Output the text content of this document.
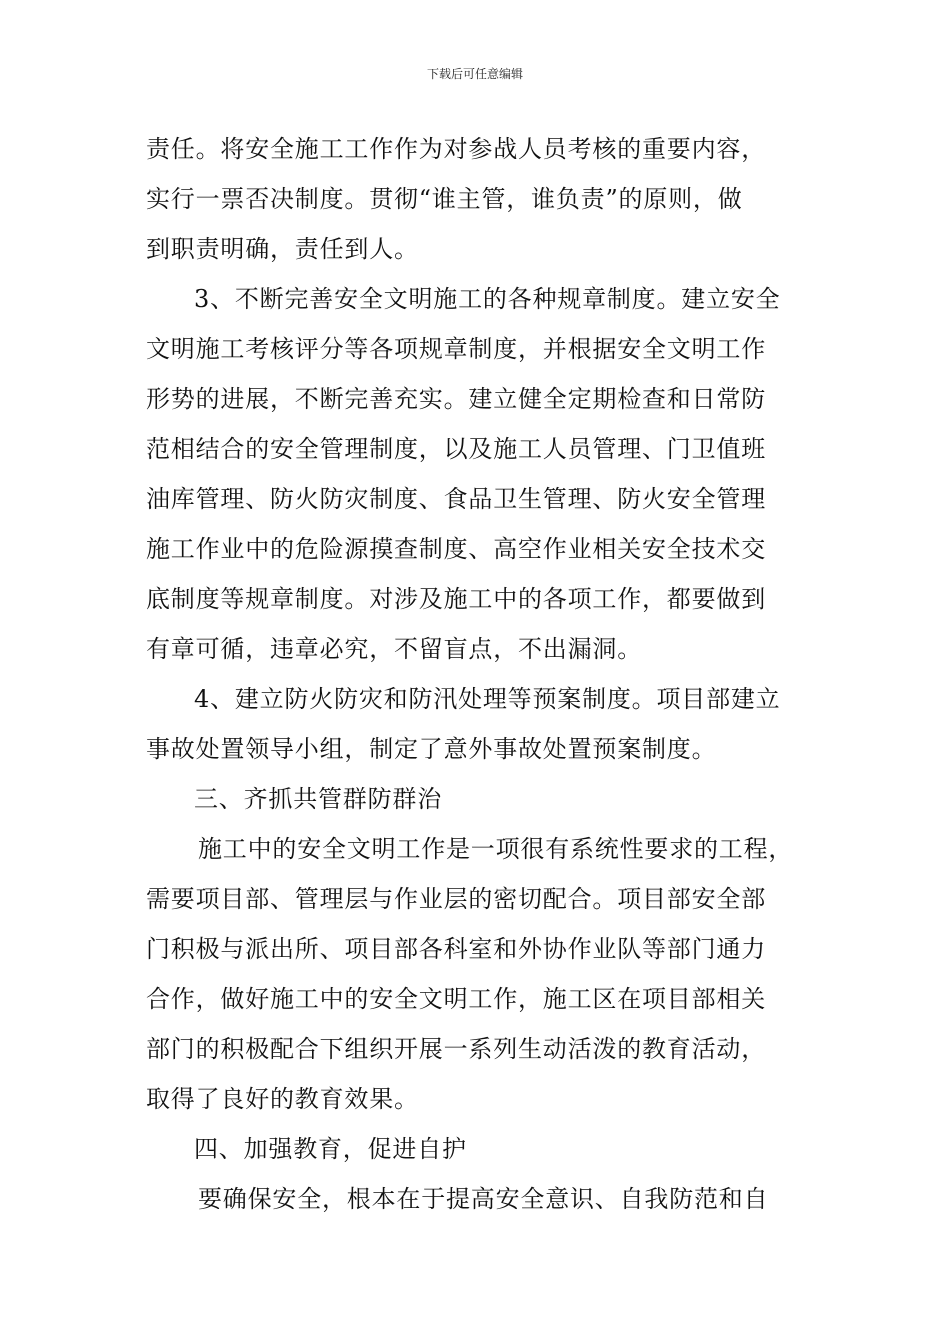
下载后可任意编辑
责任。将安全施工工作作为对参战人员考核的重要内容，
实行一票否决制度。贯彻“谁主管，谁负责”的原则，做
到职责明确，责任到人。
3、不断完善安全文明施工的各种规章制度。建立安全
文明施工考核评分等各项规章制度，并根据安全文明工作
形势的进展，不断完善充实。建立健全定期检查和日常防
范相结合的安全管理制度，以及施工人员管理、门卫值班
油库管理、防火防灾制度、食品卫生管理、防火安全管理
施工作业中的危险源摸查制度、高空作业相关安全技术交
底制度等规章制度。对涉及施工中的各项工作，都要做到
有章可循，违章必究，不留盲点，不出漏洞。
4、建立防火防灾和防汛处理等预案制度。项目部建立
事故处置领导小组，制定了意外事故处置预案制度。
三、齐抓共管群防群治
施工中的安全文明工作是一项很有系统性要求的工程，
需要项目部、管理层与作业层的密切配合。项目部安全部
门积极与派出所、项目部各科室和外协作业队等部门通力
合作，做好施工中的安全文明工作，施工区在项目部相关
部门的积极配合下组织开展一系列生动活泼的教育活动，
取得了良好的教育效果。
四、加强教育，促进自护
要确保安全，根本在于提高安全意识、自我防范和自
